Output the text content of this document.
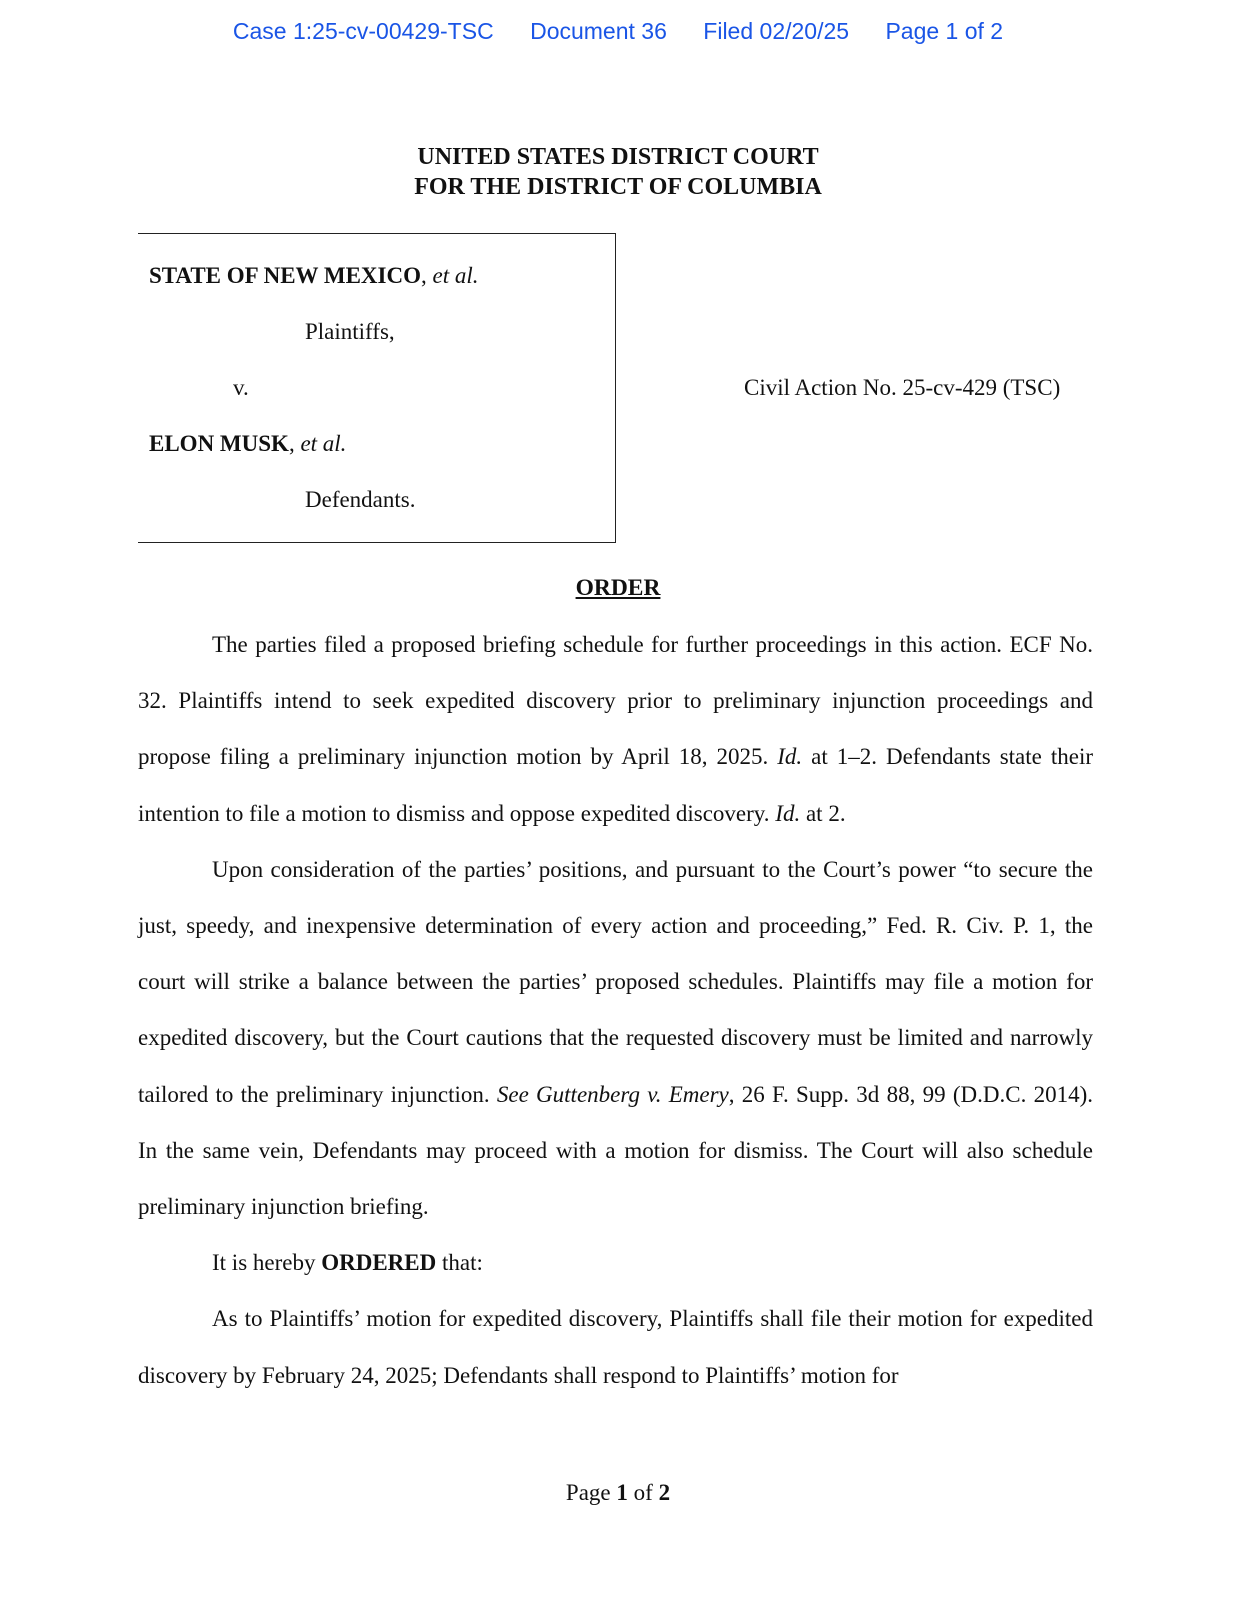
Case 1:25-cv-00429-TSC Document 36 Filed 02/20/25 Page 1 of 2
UNITED STATES DISTRICT COURT
FOR THE DISTRICT OF COLUMBIA
STATE OF NEW MEXICO, et al.
Plaintiffs,
v.
ELON MUSK, et al.
Defendants.
Civil Action No. 25-cv-429 (TSC)
ORDER

The parties filed a proposed briefing schedule for further proceedings in this action. ECF No. 32. Plaintiffs intend to seek expedited discovery prior to preliminary injunction proceedings and propose filing a preliminary injunction motion by April 18, 2025. Id. at 1–2. Defendants state their intention to file a motion to dismiss and oppose expedited discovery. Id. at 2.

Upon consideration of the parties’ positions, and pursuant to the Court’s power “to secure the just, speedy, and inexpensive determination of every action and proceeding,” Fed. R. Civ. P. 1, the court will strike a balance between the parties’ proposed schedules. Plaintiffs may file a motion for expedited discovery, but the Court cautions that the requested discovery must be limited and narrowly tailored to the preliminary injunction. See Guttenberg v. Emery, 26 F. Supp. 3d 88, 99 (D.D.C. 2014). In the same vein, Defendants may proceed with a motion for dismiss. The Court will also schedule preliminary injunction briefing.

It is hereby ORDERED that:

As to Plaintiffs’ motion for expedited discovery, Plaintiffs shall file their motion for expedited discovery by February 24, 2025; Defendants shall respond to Plaintiffs’ motion for

Page 1 of 2
